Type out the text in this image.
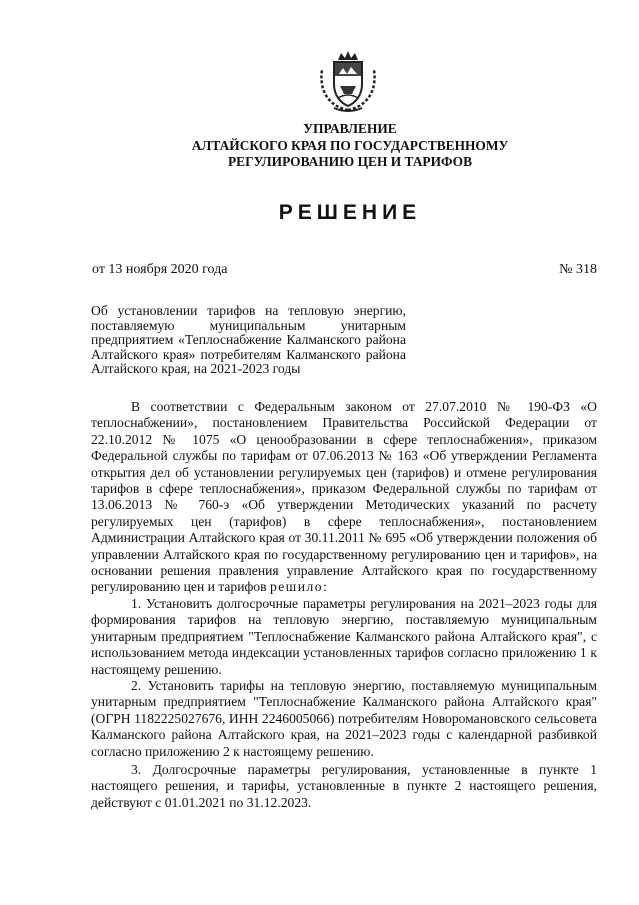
УПРАВЛЕНИЕ
АЛТАЙСКОГО КРАЯ ПО ГОСУДАРСТВЕННОМУ
РЕГУЛИРОВАНИЮ ЦЕН И ТАРИФОВ
РЕШЕНИЕ
от 13 ноября 2020 года	№ 318
Об установлении тарифов на тепловую энергию, поставляемую муниципальным унитарным предприятием «Теплоснабжение Калманского района Алтайского края» потребителям Калманского района Алтайского края, на 2021-2023 годы

В соответствии с Федеральным законом от 27.07.2010 № 190-ФЗ «О теплоснабжении», постановлением Правительства Российской Федерации от 22.10.2012 № 1075 «О ценообразовании в сфере теплоснабжения», приказом Федеральной службы по тарифам от 07.06.2013 № 163 «Об утверждении Регламента открытия дел об установлении регулируемых цен (тарифов) и отмене регулирования тарифов в сфере теплоснабжения», приказом Федеральной службы по тарифам от 13.06.2013 № 760-э «Об утверждении Методических указаний по расчету регулируемых цен (тарифов) в сфере теплоснабжения», постановлением Администрации Алтайского края от 30.11.2011 № 695 «Об утверждении положения об управлении Алтайского края по государственному регулированию цен и тарифов», на основании решения правления управление Алтайского края по государственному регулированию цен и тарифов решило:

1. Установить долгосрочные параметры регулирования на 2021–2023 годы для формирования тарифов на тепловую энергию, поставляемую муниципальным унитарным предприятием "Теплоснабжение Калманского района Алтайского края", с использованием метода индексации установленных тарифов согласно приложению 1 к настоящему решению.

2. Установить тарифы на тепловую энергию, поставляемую муниципальным унитарным предприятием "Теплоснабжение Калманского района Алтайского края" (ОГРН 1182225027676, ИНН 2246005066) потребителям Новоромановского сельсовета Калманского района Алтайского края, на 2021–2023 годы с календарной разбивкой согласно приложению 2 к настоящему решению.

3. Долгосрочные параметры регулирования, установленные в пункте 1 настоящего решения, и тарифы, установленные в пункте 2 настоящего решения, действуют с 01.01.2021 по 31.12.2023.
